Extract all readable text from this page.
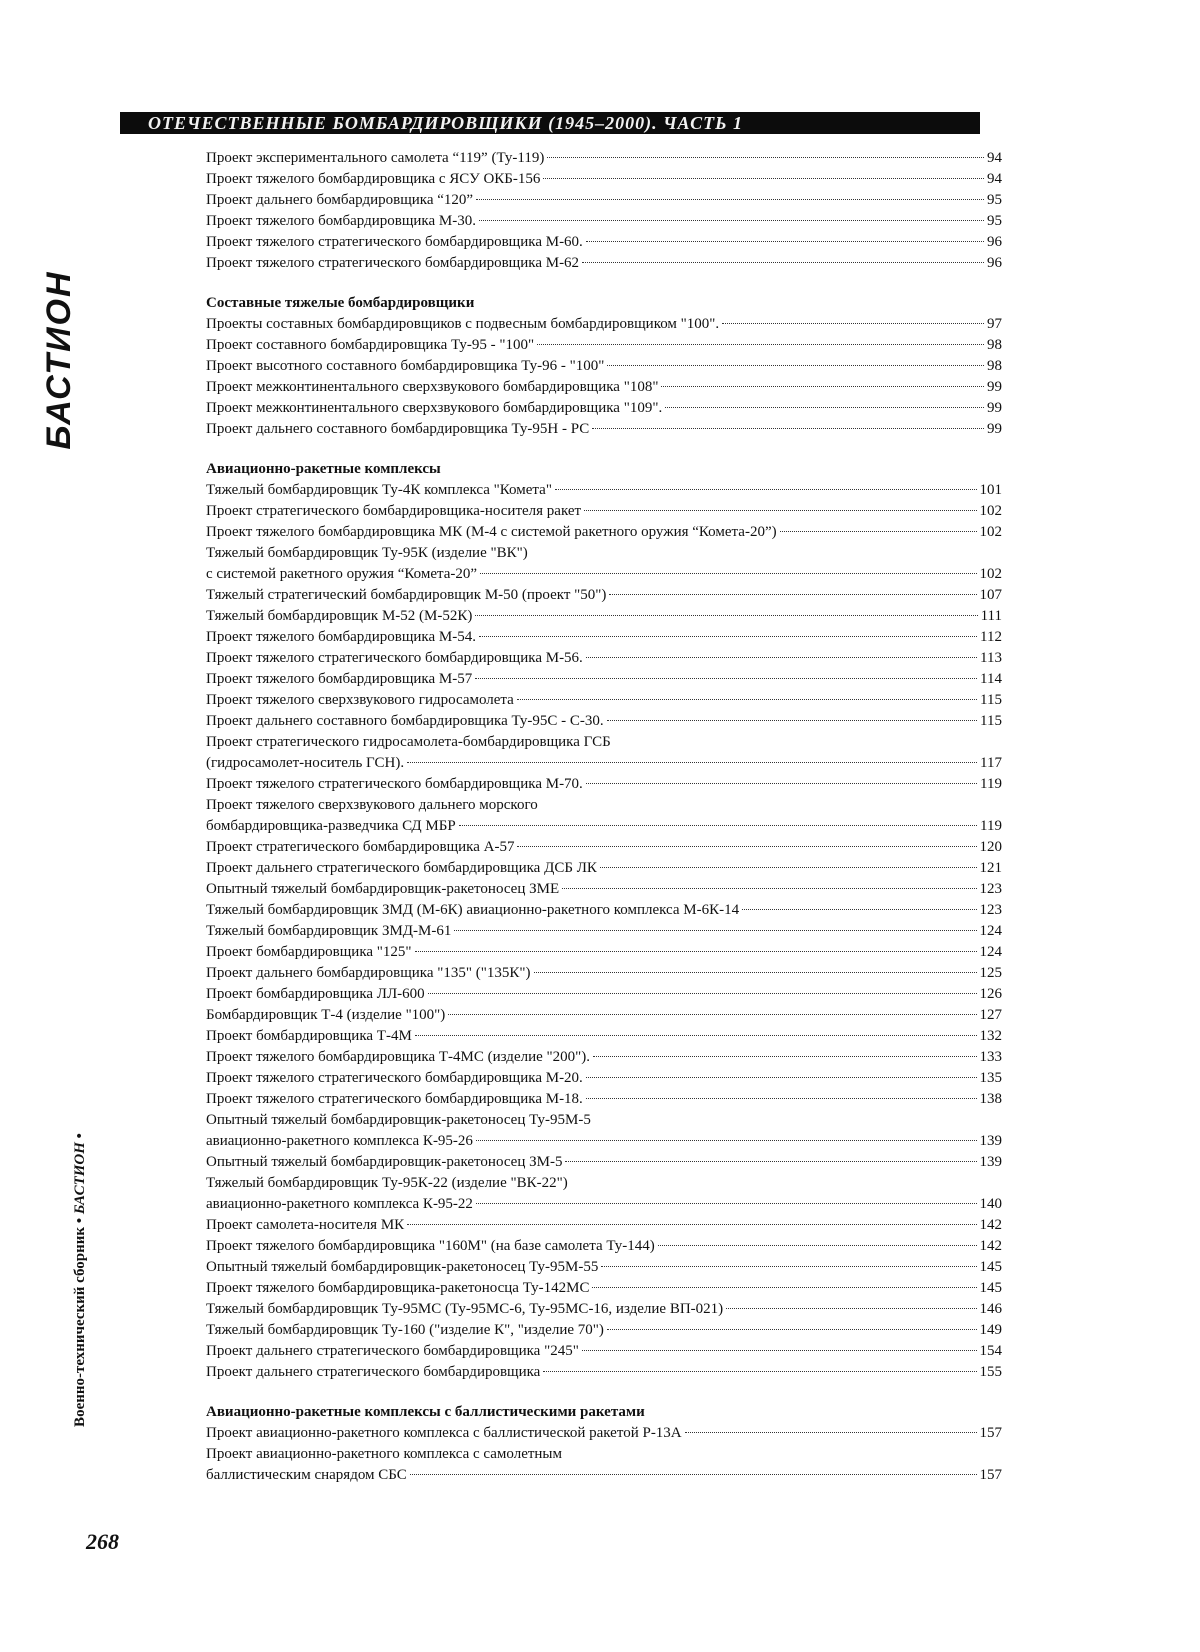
ОТЕЧЕСТВЕННЫЕ БОМБАРДИРОВЩИКИ (1945–2000). ЧАСТЬ 1
БАСТИОН
Военно-технический сборник • БАСТИОН •
268
Проект экспериментального самолета “119” (Ту-119)	94
Проект тяжелого бомбардировщика с ЯСУ ОКБ-156	94
Проект дальнего бомбардировщика “120”	95
Проект тяжелого бомбардировщика М-30.	95
Проект тяжелого стратегического бомбардировщика М-60.	96
Проект тяжелого стратегического бомбардировщика М-62	96
Составные тяжелые бомбардировщики
Проекты составных бомбардировщиков с подвесным бомбардировщиком "100".	97
Проект составного бомбардировщика Ту-95 - "100"	98
Проект высотного составного бомбардировщика Ту-96 - "100"	98
Проект межконтинентального сверхзвукового бомбардировщика "108"	99
Проект межконтинентального сверхзвукового бомбардировщика "109".	99
Проект дальнего составного бомбардировщика Ту-95Н - РС	99
Авиационно-ракетные комплексы
Тяжелый бомбардировщик Ту-4К комплекса "Комета"	101
Проект стратегического бомбардировщика-носителя ракет	102
Проект тяжелого бомбардировщика МК (М-4 с системой ракетного оружия “Комета-20”)	102
Тяжелый бомбардировщик Ту-95К (изделие "ВК")
с системой ракетного оружия “Комета-20”	102
Тяжелый стратегический бомбардировщик М-50 (проект "50")	107
Тяжелый бомбардировщик М-52 (М-52К)	111
Проект тяжелого бомбардировщика М-54.	112
Проект тяжелого стратегического бомбардировщика М-56.	113
Проект тяжелого бомбардировщика М-57	114
Проект тяжелого сверхзвукового гидросамолета	115
Проект дальнего составного бомбардировщика Ту-95С - С-30.	115
Проект стратегического гидросамолета-бомбардировщика ГСБ
(гидросамолет-носитель ГСН).	117
Проект тяжелого стратегического бомбардировщика М-70.	119
Проект тяжелого сверхзвукового дальнего морского
бомбардировщика-разведчика СД МБР	119
Проект стратегического бомбардировщика А-57	120
Проект дальнего стратегического бомбардировщика ДСБ ЛК	121
Опытный тяжелый бомбардировщик-ракетоносец ЗМЕ	123
Тяжелый бомбардировщик ЗМД (М-6К) авиационно-ракетного комплекса М-6К-14	123
Тяжелый бомбардировщик ЗМД-М-61	124
Проект бомбардировщика "125"	124
Проект дальнего бомбардировщика "135" ("135К")	125
Проект бомбардировщика ЛЛ-600	126
Бомбардировщик Т-4 (изделие "100")	127
Проект бомбардировщика Т-4М	132
Проект тяжелого бомбардировщика Т-4МС (изделие "200").	133
Проект тяжелого стратегического бомбардировщика М-20.	135
Проект тяжелого стратегического бомбардировщика М-18.	138
Опытный тяжелый бомбардировщик-ракетоносец Ту-95М-5
авиационно-ракетного комплекса К-95-26	139
Опытный тяжелый бомбардировщик-ракетоносец ЗМ-5	139
Тяжелый бомбардировщик Ту-95К-22 (изделие "ВК-22")
авиационно-ракетного комплекса К-95-22	140
Проект самолета-носителя МК	142
Проект тяжелого бомбардировщика "160М" (на базе самолета Ту-144)	142
Опытный тяжелый бомбардировщик-ракетоносец Ту-95М-55	145
Проект тяжелого бомбардировщика-ракетоносца Ту-142МС	145
Тяжелый бомбардировщик Ту-95МС (Ту-95МС-6, Ту-95МС-16, изделие ВП-021)	146
Тяжелый бомбардировщик Ту-160 ("изделие К", "изделие 70")	149
Проект дальнего стратегического бомбардировщика "245"	154
Проект дальнего стратегического бомбардировщика	155
Авиационно-ракетные комплексы с баллистическими ракетами
Проект авиационно-ракетного комплекса с баллистической ракетой Р-13А	157
Проект авиационно-ракетного комплекса с самолетным
баллистическим снарядом СБС	157
